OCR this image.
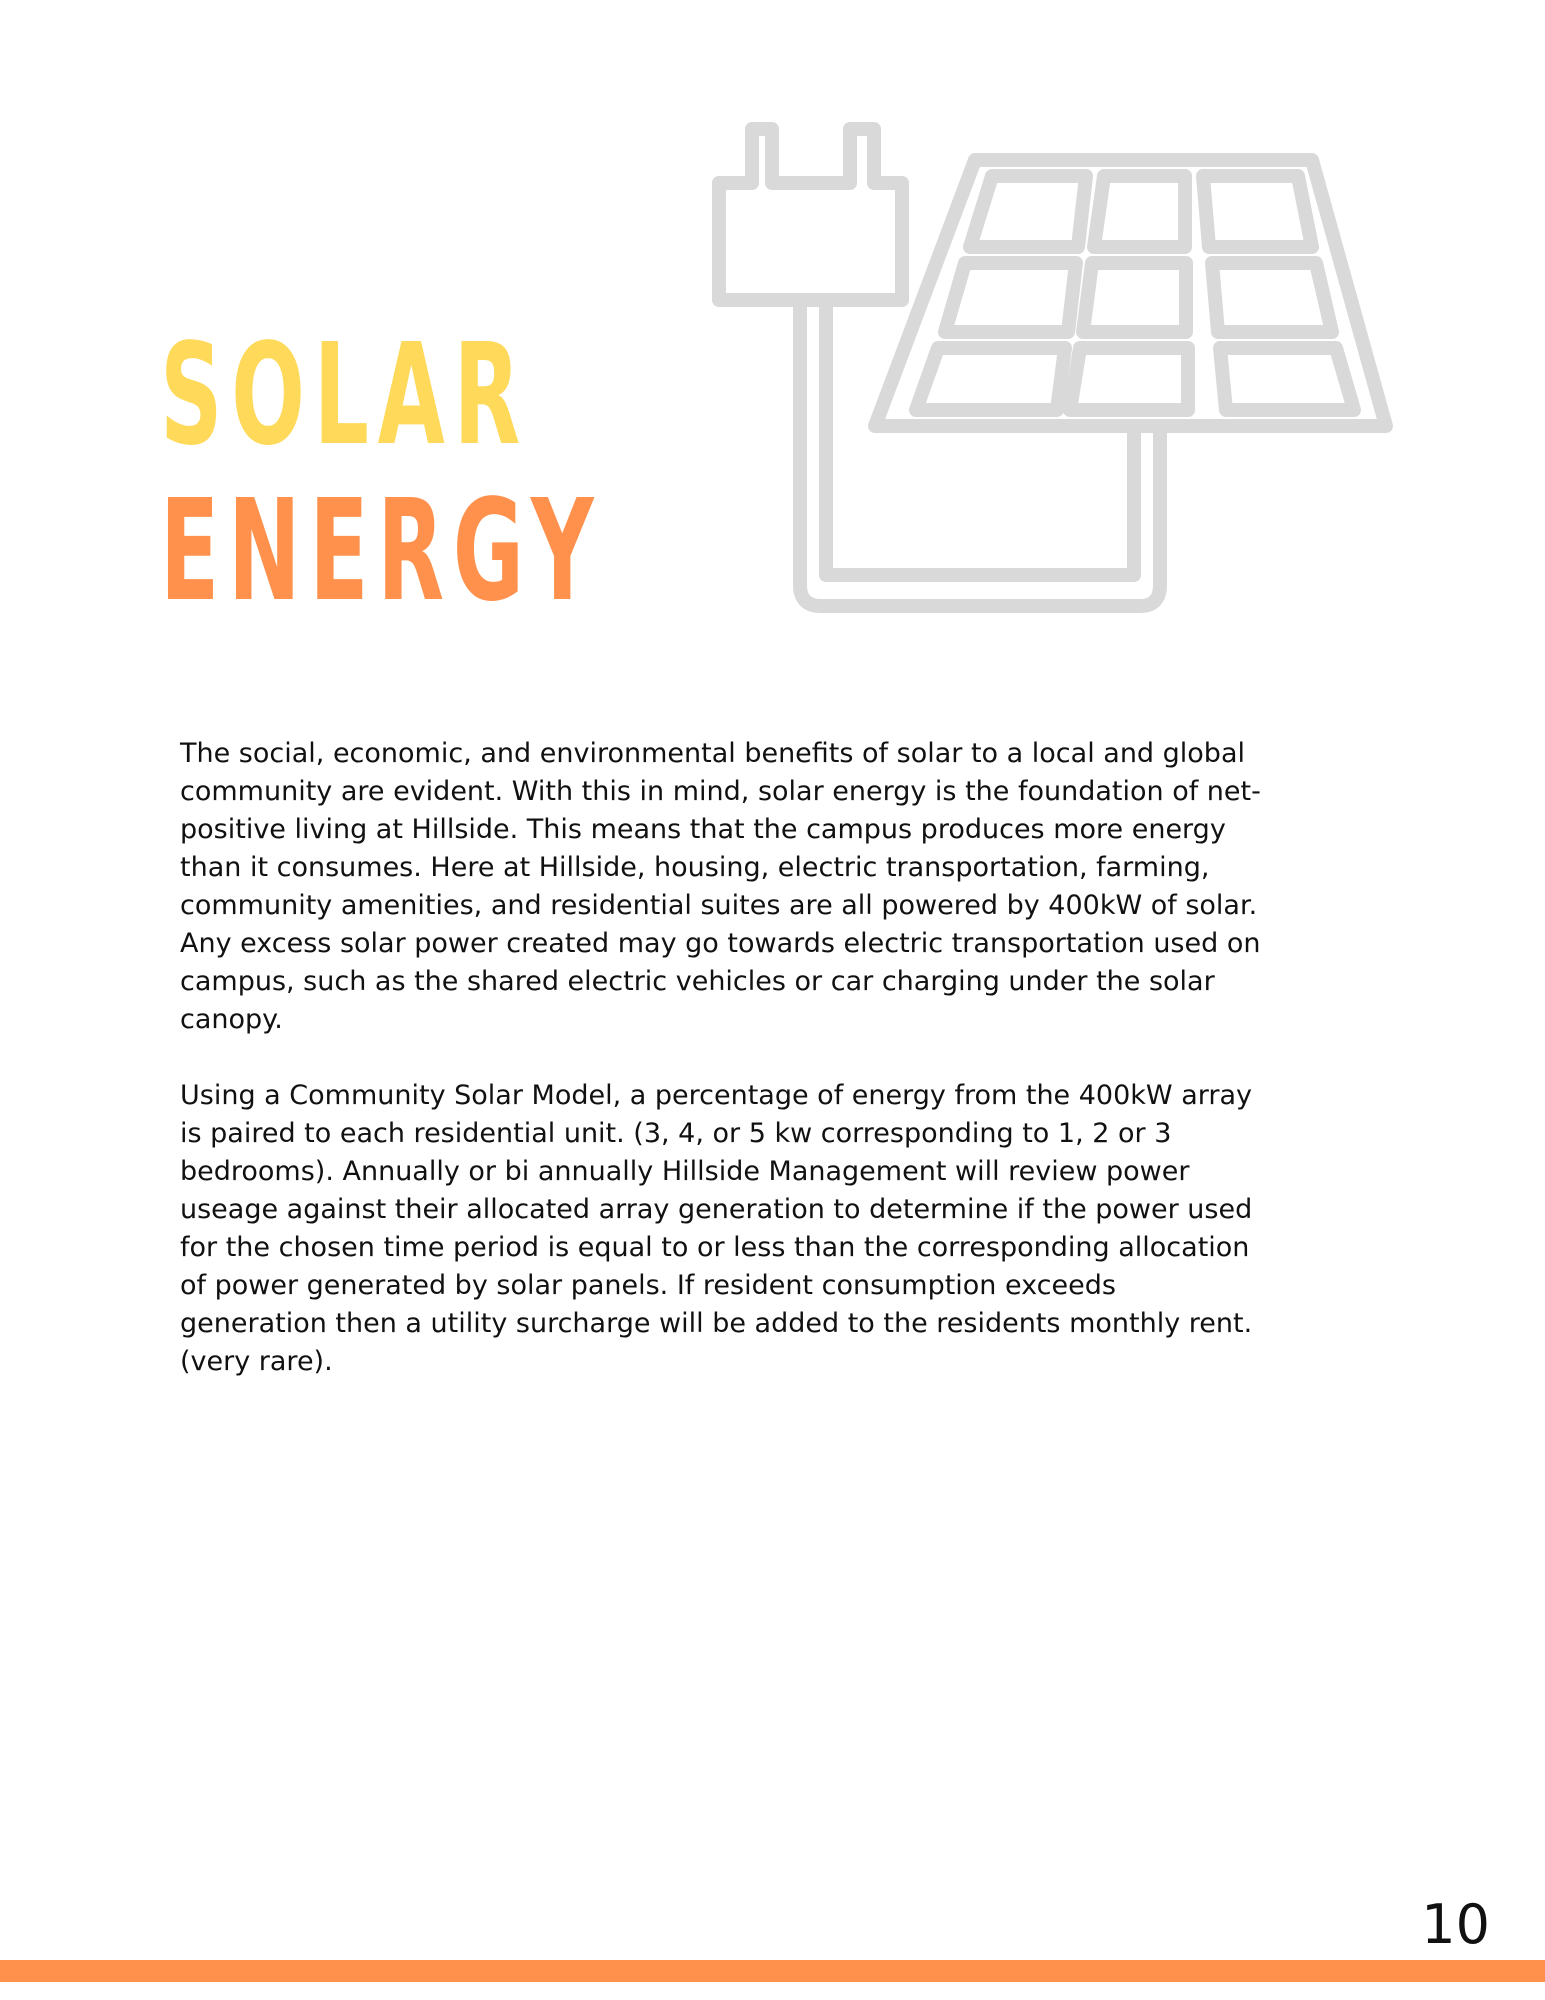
SOLAR
ENERGY

The social, economic, and environmental benefits of solar to a local and global
community are evident. With this in mind, solar energy is the foundation of net-
positive living at Hillside. This means that the campus produces more energy
than it consumes. Here at Hillside, housing, electric transportation, farming,
community amenities, and residential suites are all powered by 400kW of solar.
Any excess solar power created may go towards electric transportation used on
campus, such as the shared electric vehicles or car charging under the solar
canopy.

Using a Community Solar Model, a percentage of energy from the 400kW array
is paired to each residential unit. (3, 4, or 5 kw corresponding to 1, 2 or 3
bedrooms). Annually or bi annually Hillside Management will review power
useage against their allocated array generation to determine if the power used
for the chosen time period is equal to or less than the corresponding allocation
of power generated by solar panels. If resident consumption exceeds
generation then a utility surcharge will be added to the residents monthly rent.
(very rare).

10
